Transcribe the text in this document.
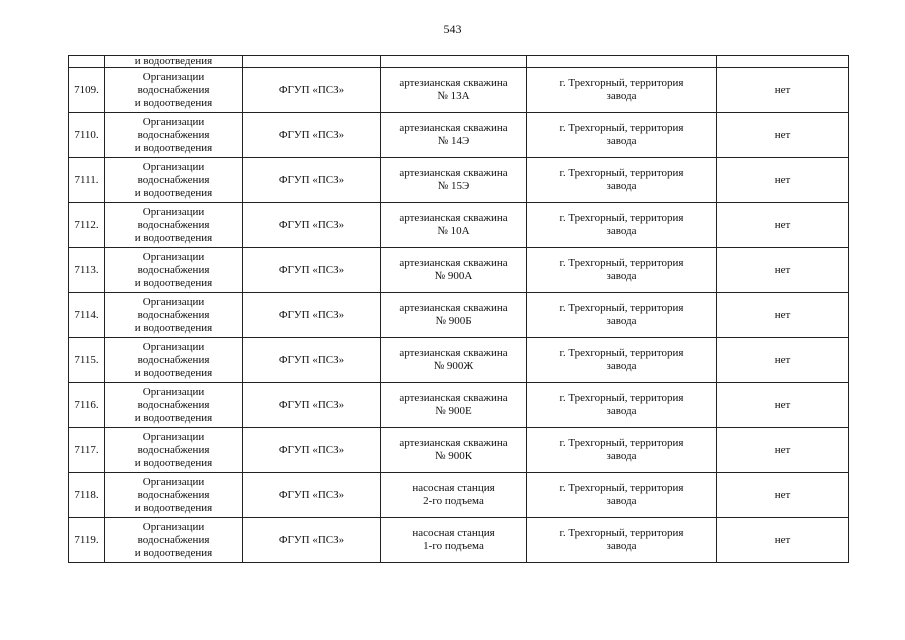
543
	и водоотведения				
7109.	Организации
водоснабжения
и водоотведения	ФГУП «ПСЗ»	артезианская скважина
№ 13А	г. Трехгорный, территория
завода	нет
7110.	Организации
водоснабжения
и водоотведения	ФГУП «ПСЗ»	артезианская скважина
№ 14Э	г. Трехгорный, территория
завода	нет
7111.	Организации
водоснабжения
и водоотведения	ФГУП «ПСЗ»	артезианская скважина
№ 15Э	г. Трехгорный, территория
завода	нет
7112.	Организации
водоснабжения
и водоотведения	ФГУП «ПСЗ»	артезианская скважина
№ 10А	г. Трехгорный, территория
завода	нет
7113.	Организации
водоснабжения
и водоотведения	ФГУП «ПСЗ»	артезианская скважина
№ 900А	г. Трехгорный, территория
завода	нет
7114.	Организации
водоснабжения
и водоотведения	ФГУП «ПСЗ»	артезианская скважина
№ 900Б	г. Трехгорный, территория
завода	нет
7115.	Организации
водоснабжения
и водоотведения	ФГУП «ПСЗ»	артезианская скважина
№ 900Ж	г. Трехгорный, территория
завода	нет
7116.	Организации
водоснабжения
и водоотведения	ФГУП «ПСЗ»	артезианская скважина
№ 900Е	г. Трехгорный, территория
завода	нет
7117.	Организации
водоснабжения
и водоотведения	ФГУП «ПСЗ»	артезианская скважина
№ 900К	г. Трехгорный, территория
завода	нет
7118.	Организации
водоснабжения
и водоотведения	ФГУП «ПСЗ»	насосная станция
2-го подъема	г. Трехгорный, территория
завода	нет
7119.	Организации
водоснабжения
и водоотведения	ФГУП «ПСЗ»	насосная станция
1-го подъема	г. Трехгорный, территория
завода	нет
